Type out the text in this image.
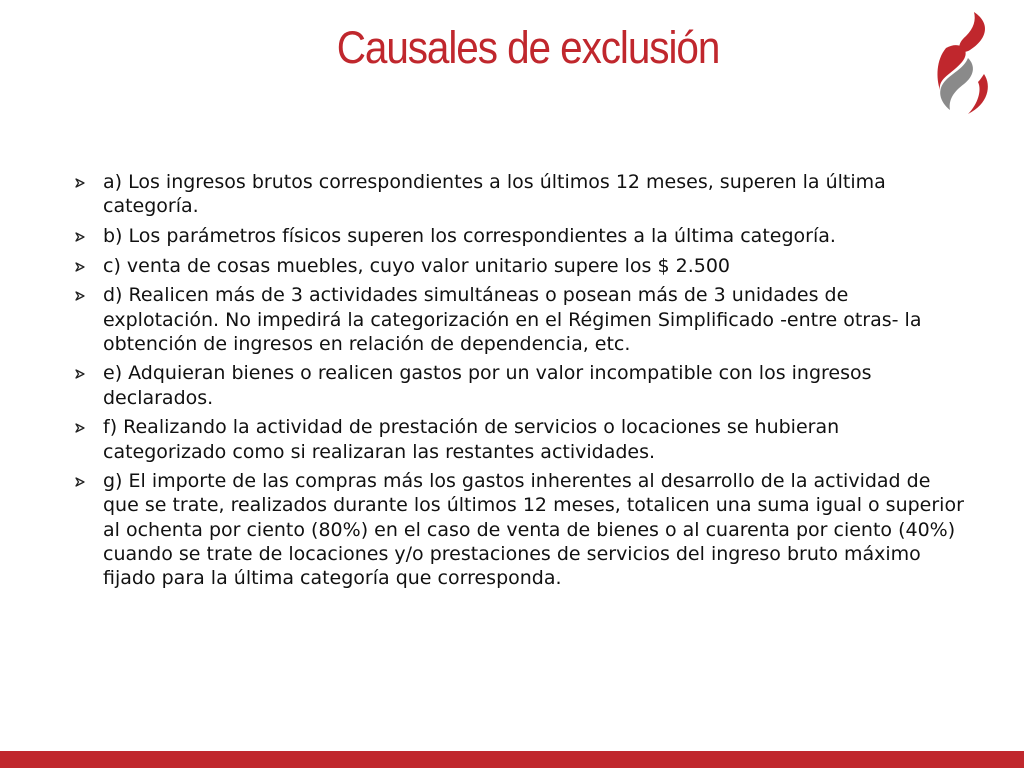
Causales de exclusión
a) Los ingresos brutos correspondientes a los últimos 12 meses, superen la última categoría.
b) Los parámetros físicos superen los correspondientes a la última categoría.
c) venta de cosas muebles, cuyo valor unitario supere los $ 2.500
d) Realicen más de 3 actividades simultáneas o posean más de 3 unidades de explotación. No impedirá la categorización en el Régimen Simplificado -entre otras- la obtención de ingresos en relación de dependencia, etc.
e) Adquieran bienes o realicen gastos por un valor incompatible con los ingresos declarados.
f) Realizando la actividad de prestación de servicios o locaciones se hubieran categorizado como si realizaran las restantes actividades.
g) El importe de las compras más los gastos inherentes al desarrollo de la actividad de que se trate, realizados durante los últimos 12 meses, totalicen una suma igual o superior al ochenta por ciento (80%) en el caso de venta de bienes o al cuarenta por ciento (40%) cuando se trate de locaciones y/o prestaciones de servicios del ingreso bruto máximo fijado para la última categoría que corresponda.
